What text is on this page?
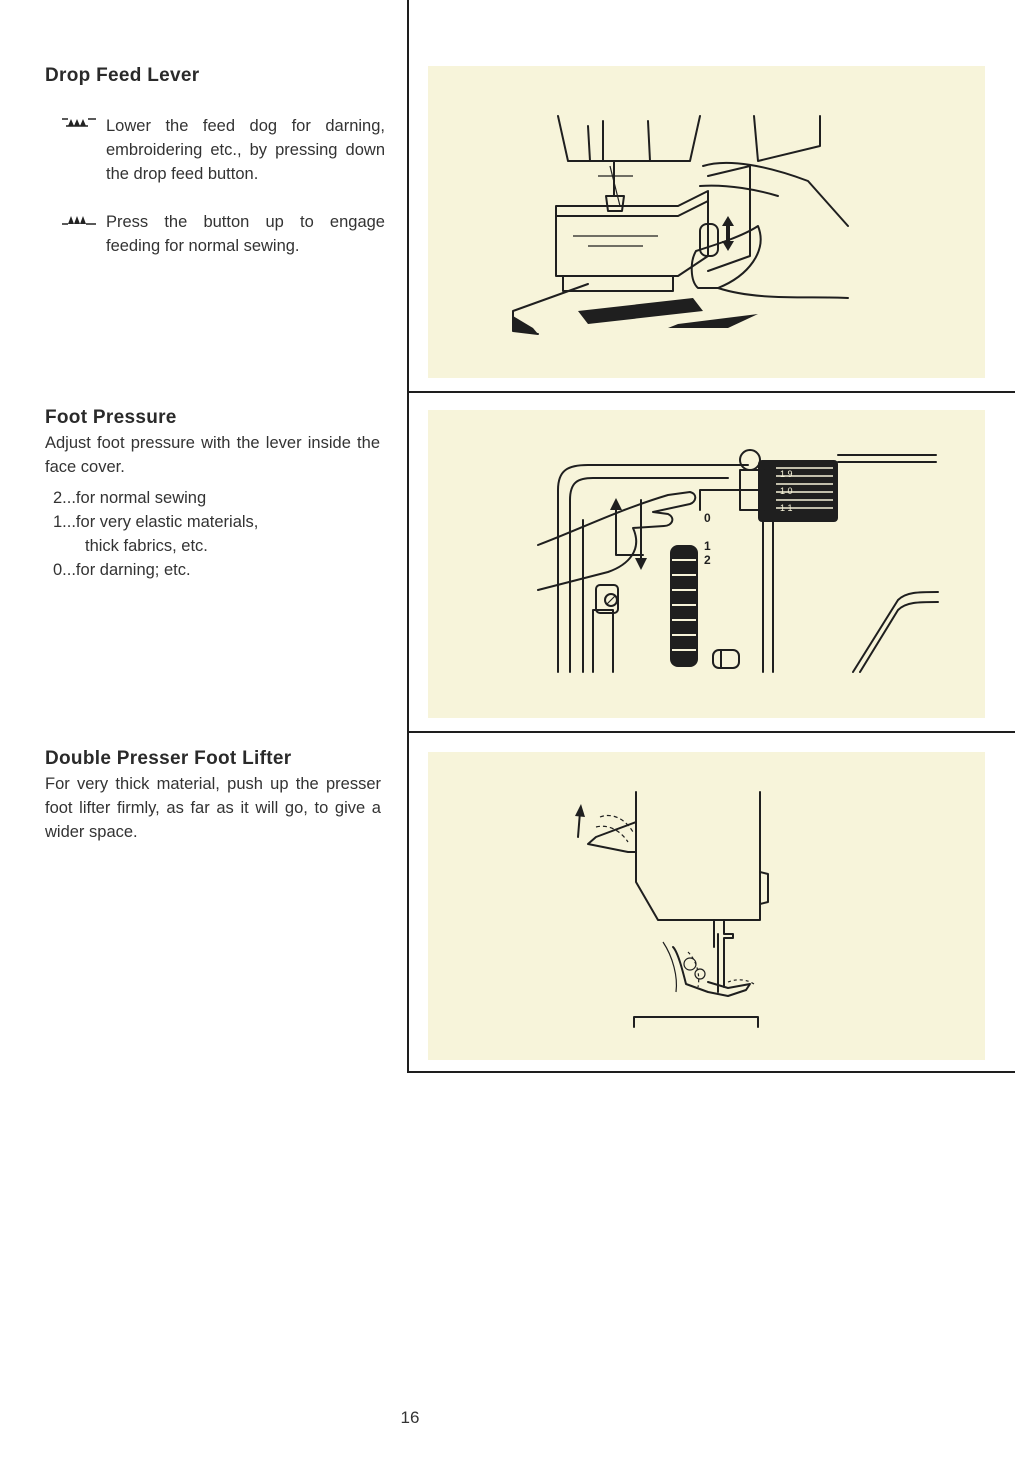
Drop Feed Lever

Lower the feed dog for darning, embroidering etc., by pressing down the drop feed button.

Press the button up to engage feeding for normal sewing.

Foot Pressure

Adjust foot pressure with the lever inside the face cover.

2...for normal sewing
1...for very elastic materials,
thick fabrics, etc.
0...for darning; etc.
1 9
1 0
1 1
0
1
2
Double Presser Foot Lifter

For very thick material, push up the presser foot lifter firmly, as far as it will go, to give a wider space.

16
